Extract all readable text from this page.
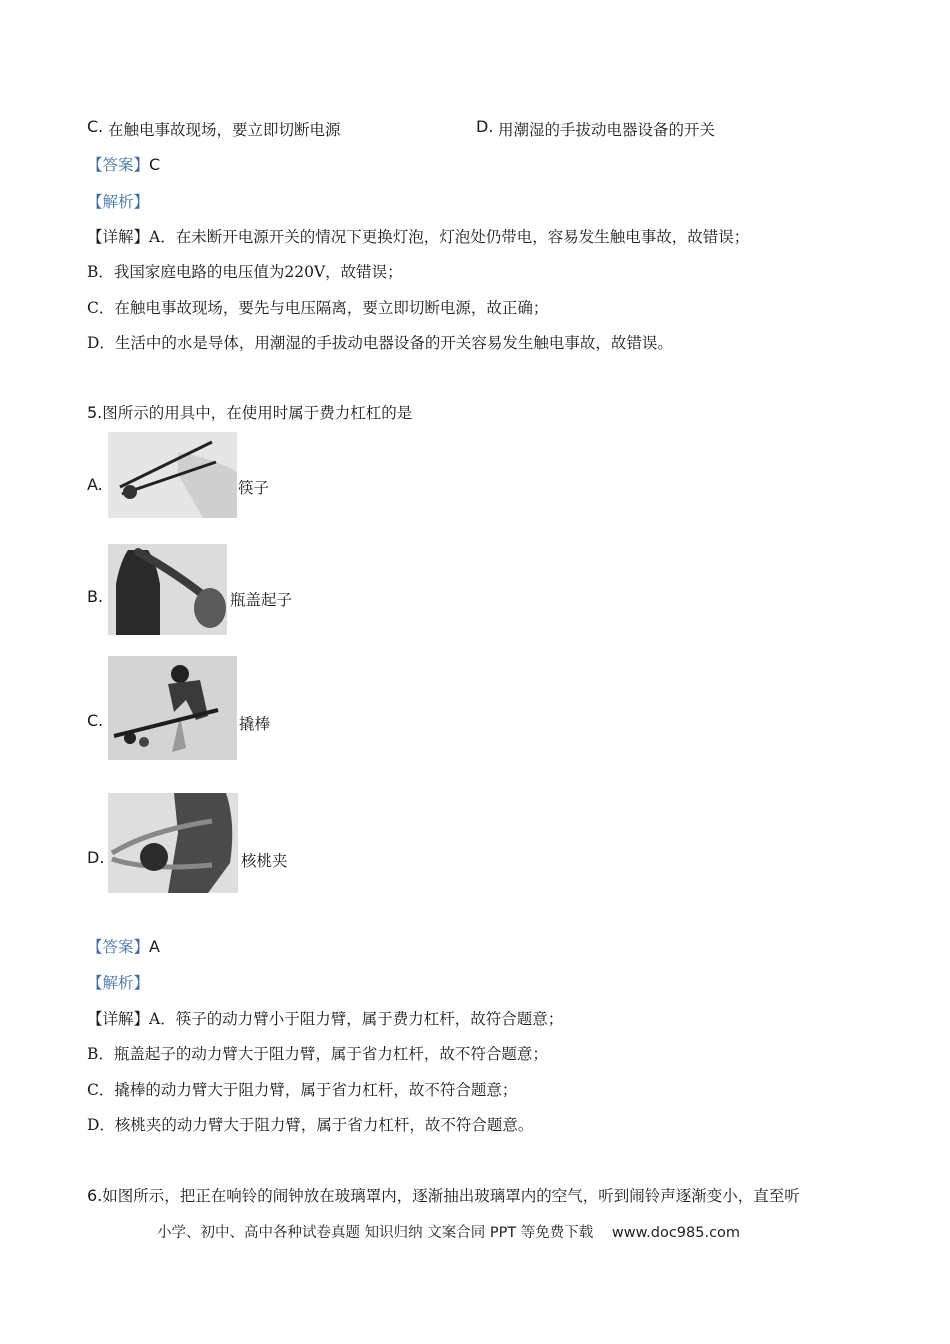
C. 在触电事故现场，要立即切断电源	D. 用潮湿的手拔动电器设备的开关
【答案】C
【解析】
【详解】A．在未断开电源开关的情况下更换灯泡，灯泡处仍带电，容易发生触电事故，故错误；
B．我国家庭电路的电压值为220V，故错误；
C．在触电事故现场，要先与电压隔离，要立即切断电源，故正确；
D．生活中的水是导体，用潮湿的手拔动电器设备的开关容易发生触电事故，故错误。
5.图所示的用具中，在使用时属于费力杠杠的是
A.	筷子
B.	瓶盖起子
C.	撬棒
D.	核桃夹
【答案】A
【解析】
【详解】A．筷子的动力臂小于阻力臂，属于费力杠杆，故符合题意；
B．瓶盖起子的动力臂大于阻力臂，属于省力杠杆，故不符合题意；
C．撬棒的动力臂大于阻力臂，属于省力杠杆，故不符合题意；
D．核桃夹的动力臂大于阻力臂，属于省力杠杆，故不符合题意。
6.如图所示，把正在响铃的闹钟放在玻璃罩内，逐渐抽出玻璃罩内的空气，听到闹铃声逐渐变小，直至听
小学、初中、高中各种试卷真题 知识归纳 文案合同 PPT 等免费下载 www.doc985.com
